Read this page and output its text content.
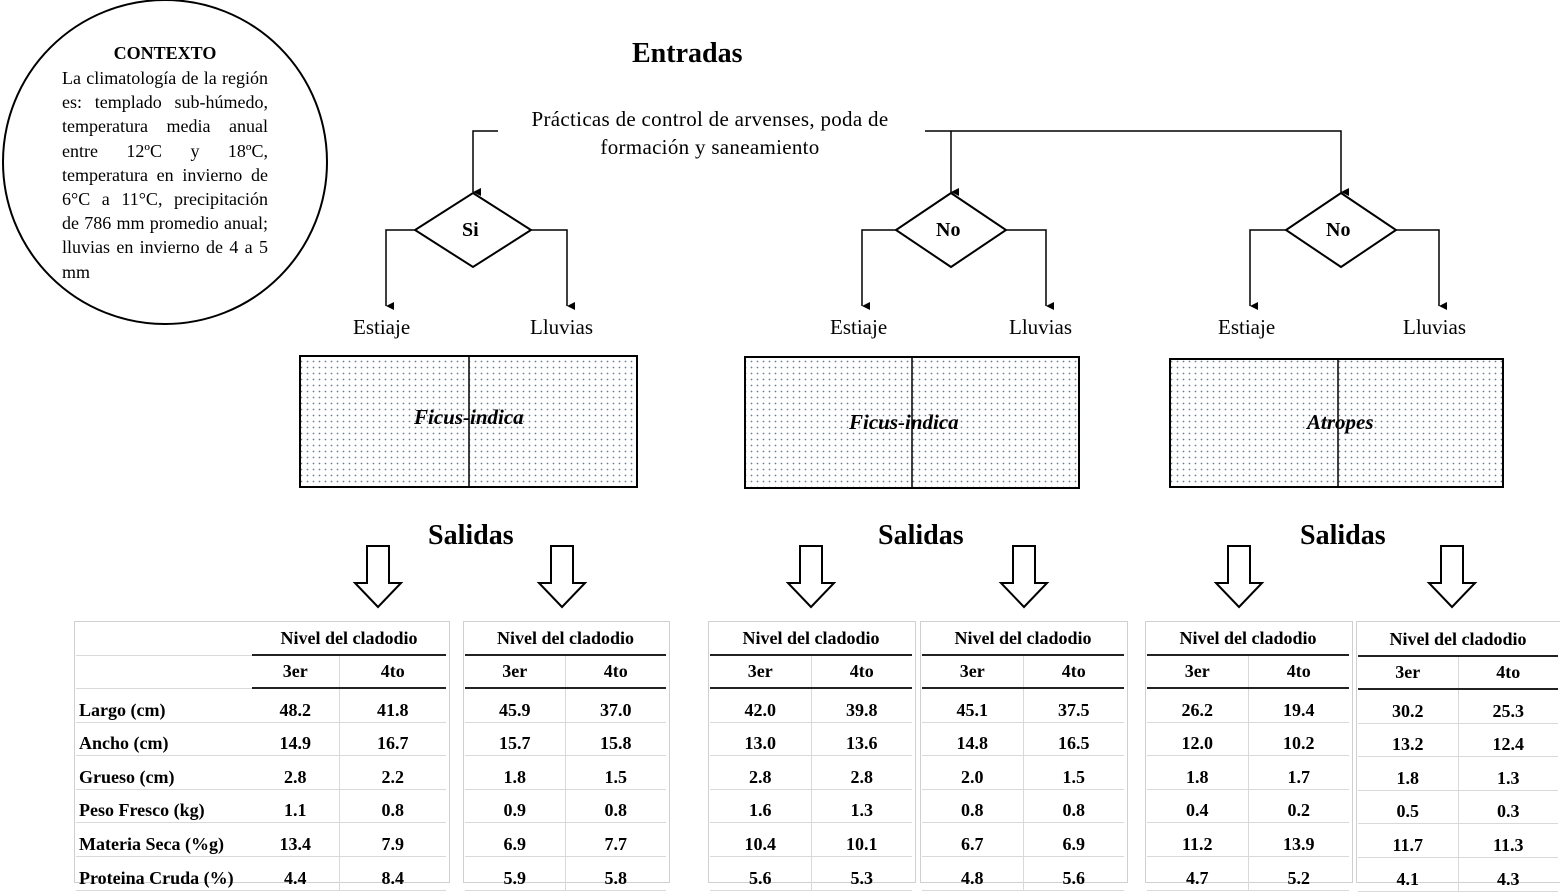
CONTEXTO
La climatología de la región es: templado sub-húmedo, temperatura media anual entre 12ºC y 18ºC, temperatura en invierno de 6°C a 11°C, precipitación de 786 mm promedio anual; lluvias en invierno de 4 a 5 mm
Entradas
Prácticas de control de arvenses, poda de formación y saneamiento
Si	No	No
Estiaje	Lluvias	Estiaje	Lluvias	Estiaje	Lluvias
Ficus-indica	Ficus-indica	Atropes
Salidas	Salidas	Salidas
	Nivel del cladodio	
	3er	4to
Largo (cm)	48.2	41.8
Ancho (cm)	14.9	16.7
Grueso (cm)	2.8	2.2
Peso Fresco (kg)	1.1	0.8
Materia Seca (%g)	13.4	7.9
Proteina Cruda (%)	4.4	8.4
Nivel del cladodio	
3er	4to
45.9	37.0
15.7	15.8
1.8	1.5
0.9	0.8
6.9	7.7
5.9	5.8
Nivel del cladodio	
3er	4to
42.0	39.8
13.0	13.6
2.8	2.8
1.6	1.3
10.4	10.1
5.6	5.3
Nivel del cladodio	
3er	4to
45.1	37.5
14.8	16.5
2.0	1.5
0.8	0.8
6.7	6.9
4.8	5.6
Nivel del cladodio	
3er	4to
26.2	19.4
12.0	10.2
1.8	1.7
0.4	0.2
11.2	13.9
4.7	5.2
Nivel del cladodio	
3er	4to
30.2	25.3
13.2	12.4
1.8	1.3
0.5	0.3
11.7	11.3
4.1	4.3
